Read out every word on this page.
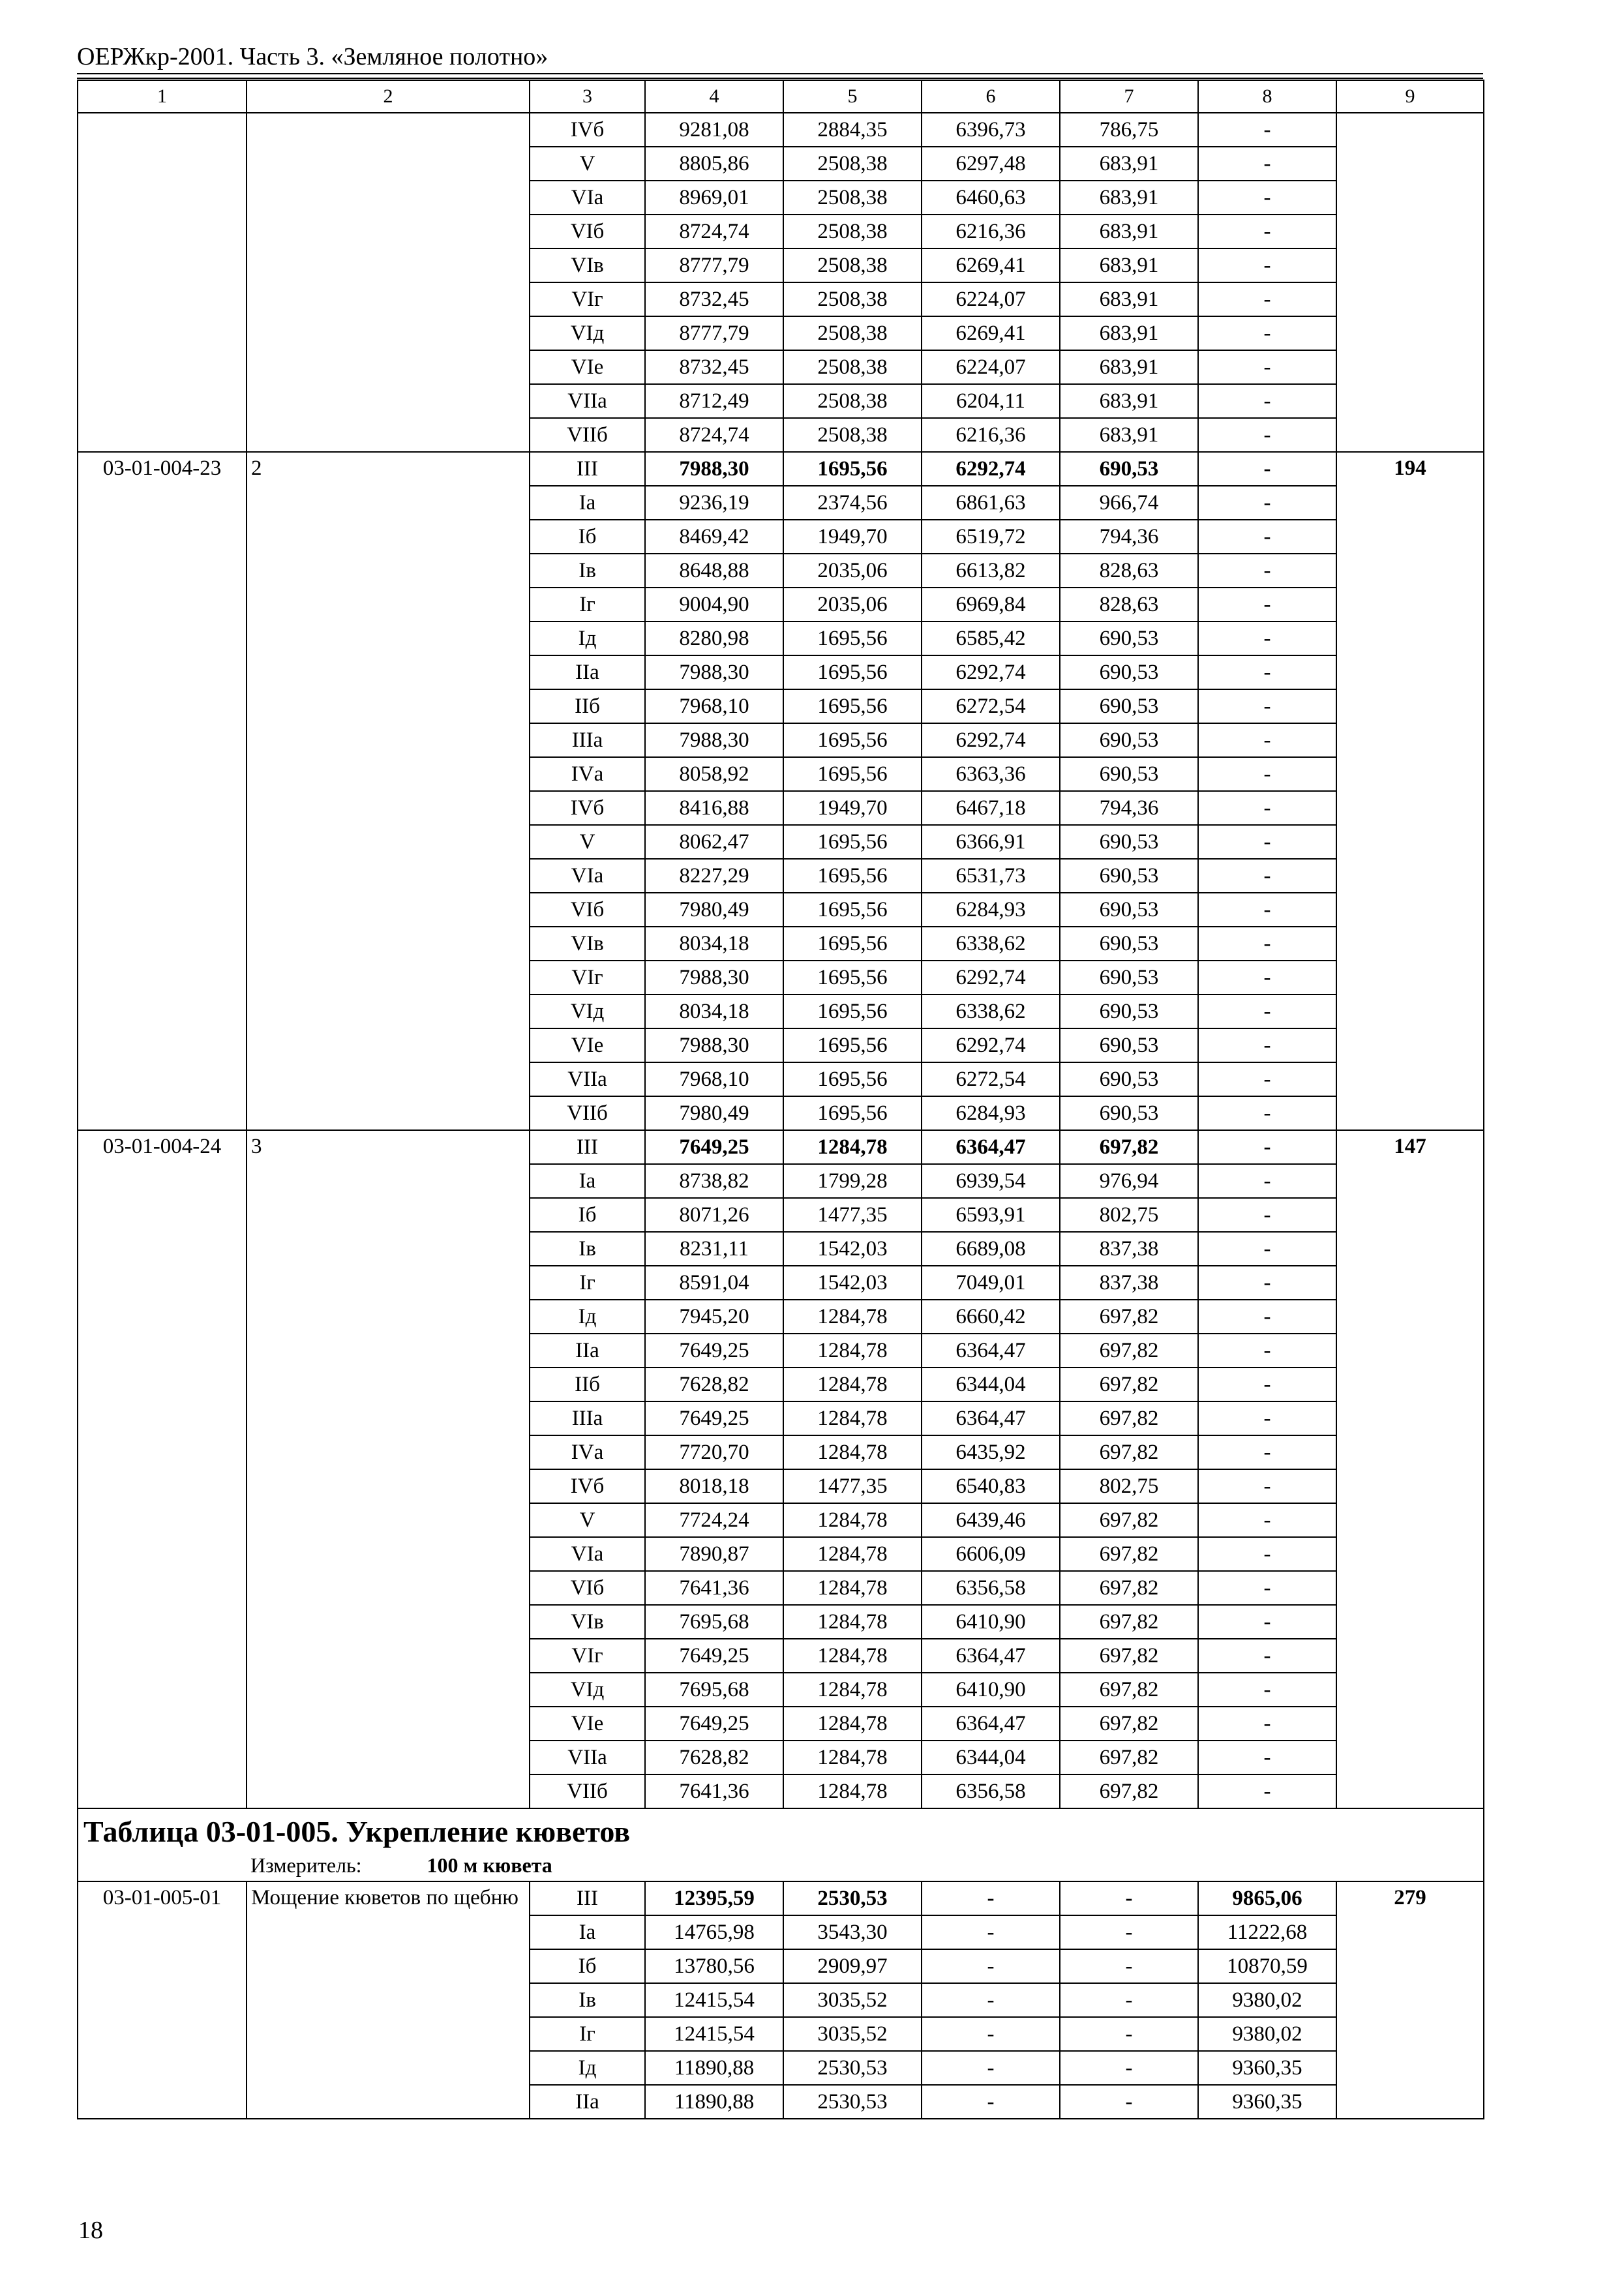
ОЕРЖкр-2001. Часть 3. «Земляное полотно»
1	2	3	4	5	6	7	8	9
		IVб	9281,08	2884,35	6396,73	786,75	-	
		V	8805,86	2508,38	6297,48	683,91	-	
		VIа	8969,01	2508,38	6460,63	683,91	-	
		VIб	8724,74	2508,38	6216,36	683,91	-	
		VIв	8777,79	2508,38	6269,41	683,91	-	
		VIг	8732,45	2508,38	6224,07	683,91	-	
		VIд	8777,79	2508,38	6269,41	683,91	-	
		VIе	8732,45	2508,38	6224,07	683,91	-	
		VIIа	8712,49	2508,38	6204,11	683,91	-	
		VIIб	8724,74	2508,38	6216,36	683,91	-	
03-01-004-23	2	III	7988,30	1695,56	6292,74	690,53	-	194
		Iа	9236,19	2374,56	6861,63	966,74	-	
		Iб	8469,42	1949,70	6519,72	794,36	-	
		Iв	8648,88	2035,06	6613,82	828,63	-	
		Iг	9004,90	2035,06	6969,84	828,63	-	
		Iд	8280,98	1695,56	6585,42	690,53	-	
		IIа	7988,30	1695,56	6292,74	690,53	-	
		IIб	7968,10	1695,56	6272,54	690,53	-	
		IIIа	7988,30	1695,56	6292,74	690,53	-	
		IVа	8058,92	1695,56	6363,36	690,53	-	
		IVб	8416,88	1949,70	6467,18	794,36	-	
		V	8062,47	1695,56	6366,91	690,53	-	
		VIа	8227,29	1695,56	6531,73	690,53	-	
		VIб	7980,49	1695,56	6284,93	690,53	-	
		VIв	8034,18	1695,56	6338,62	690,53	-	
		VIг	7988,30	1695,56	6292,74	690,53	-	
		VIд	8034,18	1695,56	6338,62	690,53	-	
		VIе	7988,30	1695,56	6292,74	690,53	-	
		VIIа	7968,10	1695,56	6272,54	690,53	-	
		VIIб	7980,49	1695,56	6284,93	690,53	-	
03-01-004-24	3	III	7649,25	1284,78	6364,47	697,82	-	147
		Iа	8738,82	1799,28	6939,54	976,94	-	
		Iб	8071,26	1477,35	6593,91	802,75	-	
		Iв	8231,11	1542,03	6689,08	837,38	-	
		Iг	8591,04	1542,03	7049,01	837,38	-	
		Iд	7945,20	1284,78	6660,42	697,82	-	
		IIа	7649,25	1284,78	6364,47	697,82	-	
		IIб	7628,82	1284,78	6344,04	697,82	-	
		IIIа	7649,25	1284,78	6364,47	697,82	-	
		IVа	7720,70	1284,78	6435,92	697,82	-	
		IVб	8018,18	1477,35	6540,83	802,75	-	
		V	7724,24	1284,78	6439,46	697,82	-	
		VIа	7890,87	1284,78	6606,09	697,82	-	
		VIб	7641,36	1284,78	6356,58	697,82	-	
		VIв	7695,68	1284,78	6410,90	697,82	-	
		VIг	7649,25	1284,78	6364,47	697,82	-	
		VIд	7695,68	1284,78	6410,90	697,82	-	
		VIе	7649,25	1284,78	6364,47	697,82	-	
		VIIа	7628,82	1284,78	6344,04	697,82	-	
		VIIб	7641,36	1284,78	6356,58	697,82	-	

Таблица 03-01-005. Укрепление кюветов
Измеритель: 100 м кювета								

03-01-005-01	Мощение кюветов по щебню	III	12395,59	2530,53	-	-	9865,06	279
		Iа	14765,98	3543,30	-	-	11222,68	
		Iб	13780,56	2909,97	-	-	10870,59	
		Iв	12415,54	3035,52	-	-	9380,02	
		Iг	12415,54	3035,52	-	-	9380,02	
		Iд	11890,88	2530,53	-	-	9360,35	
		IIа	11890,88	2530,53	-	-	9360,35	
18
